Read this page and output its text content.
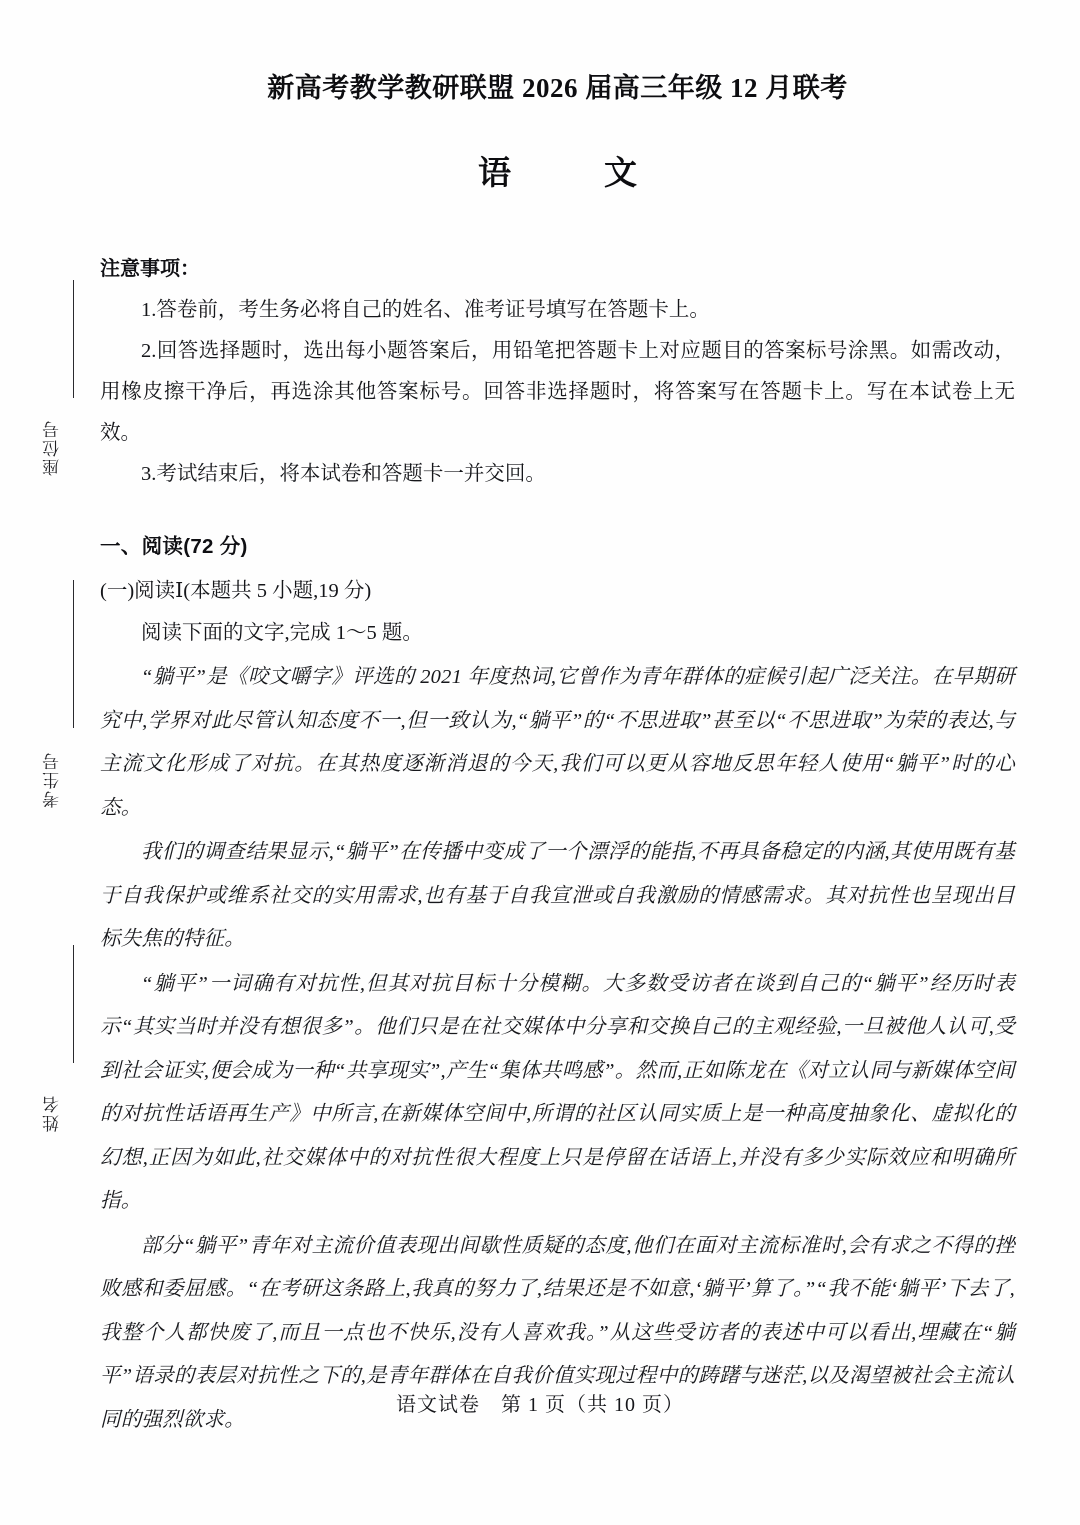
座位号
考生号
姓名
新高考教学教研联盟 2026 届高三年级 12 月联考
语　文
注意事项：
1.答卷前，考生务必将自己的姓名、准考证号填写在答题卡上。
2.回答选择题时，选出每小题答案后，用铅笔把答题卡上对应题目的答案标号涂黑。如需改动，用橡皮擦干净后，再选涂其他答案标号。回答非选择题时，将答案写在答题卡上。写在本试卷上无效。
3.考试结束后，将本试卷和答题卡一并交回。
一、阅读(72 分)
(一)阅读Ⅰ(本题共 5 小题,19 分)
阅读下面的文字,完成 1～5 题。

“躺平”是《咬文嚼字》评选的 2021 年度热词,它曾作为青年群体的症候引起广泛关注。在早期研究中,学界对此尽管认知态度不一,但一致认为,“躺平”的“不思进取”甚至以“不思进取”为荣的表达,与主流文化形成了对抗。在其热度逐渐消退的今天,我们可以更从容地反思年轻人使用“躺平”时的心态。

我们的调查结果显示,“躺平”在传播中变成了一个漂浮的能指,不再具备稳定的内涵,其使用既有基于自我保护或维系社交的实用需求,也有基于自我宣泄或自我激励的情感需求。其对抗性也呈现出目标失焦的特征。

“躺平”一词确有对抗性,但其对抗目标十分模糊。大多数受访者在谈到自己的“躺平”经历时表示“其实当时并没有想很多”。他们只是在社交媒体中分享和交换自己的主观经验,一旦被他人认可,受到社会证实,便会成为一种“共享现实”,产生“集体共鸣感”。然而,正如陈龙在《对立认同与新媒体空间的对抗性话语再生产》中所言,在新媒体空间中,所谓的社区认同实质上是一种高度抽象化、虚拟化的幻想,正因为如此,社交媒体中的对抗性很大程度上只是停留在话语上,并没有多少实际效应和明确所指。

部分“躺平”青年对主流价值表现出间歇性质疑的态度,他们在面对主流标准时,会有求之不得的挫败感和委屈感。“在考研这条路上,我真的努力了,结果还是不如意,‘躺平’算了。”“我不能‘躺平’下去了,我整个人都快废了,而且一点也不快乐,没有人喜欢我。”从这些受访者的表述中可以看出,埋藏在“躺平”语录的表层对抗性之下的,是青年群体在自我价值实现过程中的踌躇与迷茫,以及渴望被社会主流认同的强烈欲求。

语文试卷　第 1 页（共 10 页）
